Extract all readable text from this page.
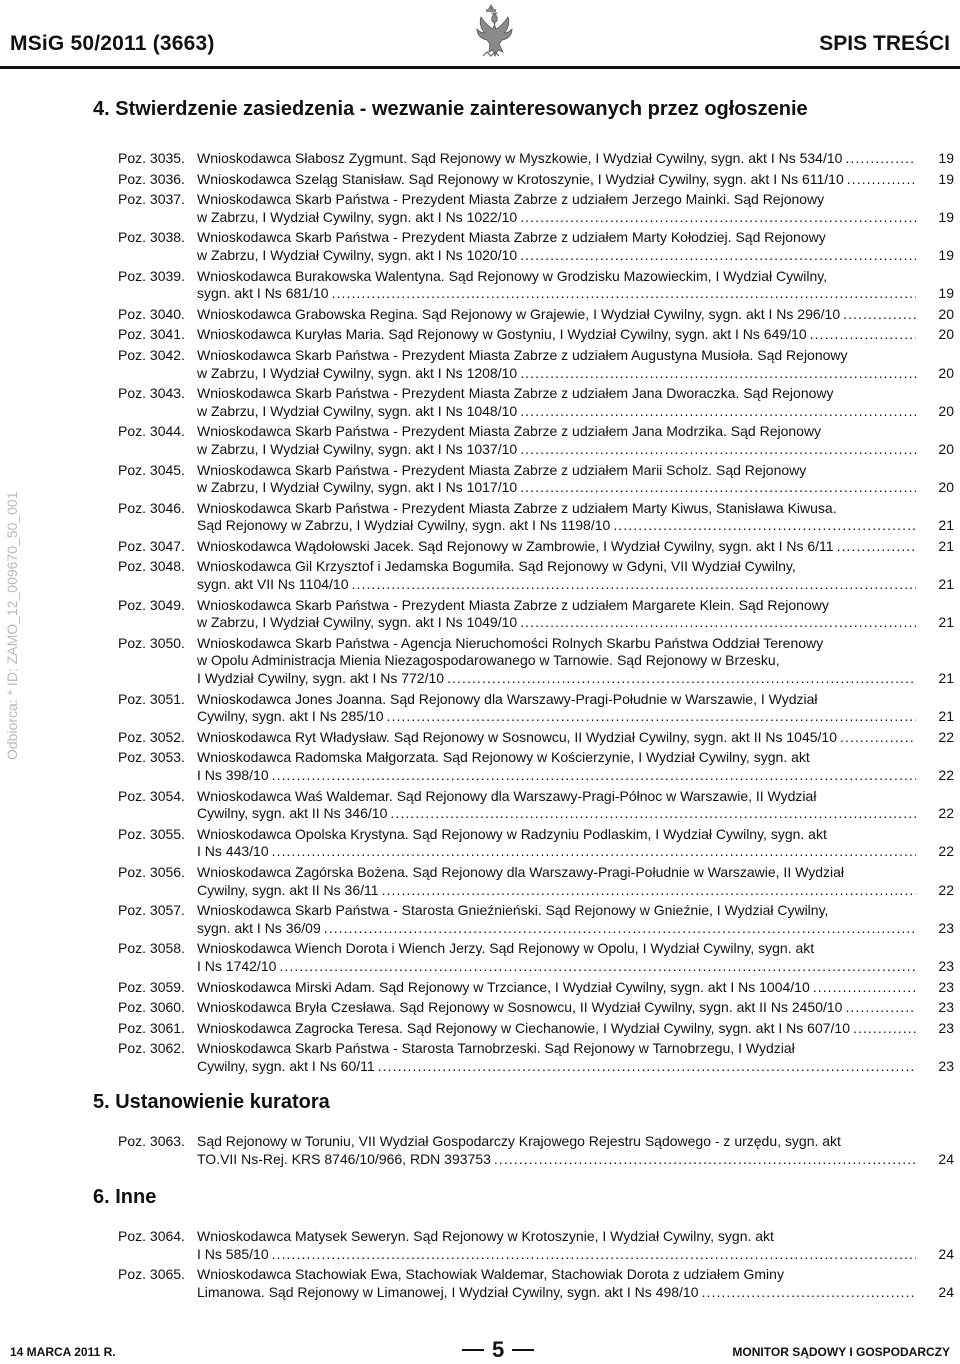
MSiG 50/2011 (3663)	SPIS TREŚCI
Odbiorca: * ID: ZAMO_12_009670_50_001
4. Stwierdzenie zasiedzenia - wezwanie zainteresowanych przez ogłoszenie
Poz. 3035. Wnioskodawca Słabosz Zygmunt. Sąd Rejonowy w Myszkowie, I Wydział Cywilny, sygn. akt I Ns 534/10 . . .	19
Poz. 3036. Wnioskodawca Szeląg Stanisław. Sąd Rejonowy w Krotoszynie, I Wydział Cywilny, sygn. akt I Ns 611/10 . . .	19
Poz. 3037. Wnioskodawca Skarb Państwa - Prezydent Miasta Zabrze z udziałem Jerzego Mainki. Sąd Rejonowy
w Zabrzu, I Wydział Cywilny, sygn. akt I Ns 1022/10 . . .	19
Poz. 3038. Wnioskodawca Skarb Państwa - Prezydent Miasta Zabrze z udziałem Marty Kołodziej. Sąd Rejonowy
w Zabrzu, I Wydział Cywilny, sygn. akt I Ns 1020/10 . . .	19
Poz. 3039. Wnioskodawca Burakowska Walentyna. Sąd Rejonowy w Grodzisku Mazowieckim, I Wydział Cywilny,
sygn. akt I Ns 681/10 . . .	19
Poz. 3040. Wnioskodawca Grabowska Regina. Sąd Rejonowy w Grajewie, I Wydział Cywilny, sygn. akt I Ns 296/10 . . .	20
Poz. 3041. Wnioskodawca Kuryłas Maria. Sąd Rejonowy w Gostyniu, I Wydział Cywilny, sygn. akt I Ns 649/10 . . .	20
Poz. 3042. Wnioskodawca Skarb Państwa - Prezydent Miasta Zabrze z udziałem Augustyna Musioła. Sąd Rejonowy
w Zabrzu, I Wydział Cywilny, sygn. akt I Ns 1208/10 . . .	20
Poz. 3043. Wnioskodawca Skarb Państwa - Prezydent Miasta Zabrze z udziałem Jana Dworaczka. Sąd Rejonowy
w Zabrzu, I Wydział Cywilny, sygn. akt I Ns 1048/10 . . .	20
Poz. 3044. Wnioskodawca Skarb Państwa - Prezydent Miasta Zabrze z udziałem Jana Modrzika. Sąd Rejonowy
w Zabrzu, I Wydział Cywilny, sygn. akt I Ns 1037/10 . . .	20
Poz. 3045. Wnioskodawca Skarb Państwa - Prezydent Miasta Zabrze z udziałem Marii Scholz. Sąd Rejonowy
w Zabrzu, I Wydział Cywilny, sygn. akt I Ns 1017/10 . . .	20
Poz. 3046. Wnioskodawca Skarb Państwa - Prezydent Miasta Zabrze z udziałem Marty Kiwus, Stanisława Kiwusa.
Sąd Rejonowy w Zabrzu, I Wydział Cywilny, sygn. akt I Ns 1198/10 . . .	21
Poz. 3047. Wnioskodawca Wądołowski Jacek. Sąd Rejonowy w Zambrowie, I Wydział Cywilny, sygn. akt I Ns 6/11 . . .	21
Poz. 3048. Wnioskodawca Gil Krzysztof i Jedamska Bogumiła. Sąd Rejonowy w Gdyni, VII Wydział Cywilny,
sygn. akt VII Ns 1104/10 . . .	21
Poz. 3049. Wnioskodawca Skarb Państwa - Prezydent Miasta Zabrze z udziałem Margarete Klein. Sąd Rejonowy
w Zabrzu, I Wydział Cywilny, sygn. akt I Ns 1049/10 . . .	21
Poz. 3050. Wnioskodawca Skarb Państwa - Agencja Nieruchomości Rolnych Skarbu Państwa Oddział Terenowy
w Opolu Administracja Mienia Niezagospodarowanego w Tarnowie. Sąd Rejonowy w Brzesku,
I Wydział Cywilny, sygn. akt I Ns 772/10 . . .	21
Poz. 3051. Wnioskodawca Jones Joanna. Sąd Rejonowy dla Warszawy-Pragi-Południe w Warszawie, I Wydział
Cywilny, sygn. akt I Ns 285/10 . . .	21
Poz. 3052. Wnioskodawca Ryt Władysław. Sąd Rejonowy w Sosnowcu, II Wydział Cywilny, sygn. akt II Ns 1045/10 . . .	22
Poz. 3053. Wnioskodawca Radomska Małgorzata. Sąd Rejonowy w Kościerzynie, I Wydział Cywilny, sygn. akt
I Ns 398/10 . . .	22
Poz. 3054. Wnioskodawca Waś Waldemar. Sąd Rejonowy dla Warszawy-Pragi-Północ w Warszawie, II Wydział
Cywilny, sygn. akt II Ns 346/10 . . .	22
Poz. 3055. Wnioskodawca Opolska Krystyna. Sąd Rejonowy w Radzyniu Podlaskim, I Wydział Cywilny, sygn. akt
I Ns 443/10 . . .	22
Poz. 3056. Wnioskodawca Zagórska Bożena. Sąd Rejonowy dla Warszawy-Pragi-Południe w Warszawie, II Wydział
Cywilny, sygn. akt II Ns 36/11 . . .	22
Poz. 3057. Wnioskodawca Skarb Państwa - Starosta Gnieźnieński. Sąd Rejonowy w Gnieźnie, I Wydział Cywilny,
sygn. akt I Ns 36/09 . . .	23
Poz. 3058. Wnioskodawca Wiench Dorota i Wiench Jerzy. Sąd Rejonowy w Opolu, I Wydział Cywilny, sygn. akt
I Ns 1742/10 . . .	23
Poz. 3059. Wnioskodawca Mirski Adam. Sąd Rejonowy w Trzciance, I Wydział Cywilny, sygn. akt I Ns 1004/10 . . .	23
Poz. 3060. Wnioskodawca Bryła Czesława. Sąd Rejonowy w Sosnowcu, II Wydział Cywilny, sygn. akt II Ns 2450/10 . . .	23
Poz. 3061. Wnioskodawca Zagrocka Teresa. Sąd Rejonowy w Ciechanowie, I Wydział Cywilny, sygn. akt I Ns 607/10 . . .	23
Poz. 3062. Wnioskodawca Skarb Państwa - Starosta Tarnobrzeski. Sąd Rejonowy w Tarnobrzegu, I Wydział
Cywilny, sygn. akt I Ns 60/11 . . .	23
5. Ustanowienie kuratora
Poz. 3063. Sąd Rejonowy w Toruniu, VII Wydział Gospodarczy Krajowego Rejestru Sądowego - z urzędu, sygn. akt
TO.VII Ns-Rej. KRS 8746/10/966, RDN 393753 . . .	24
6. Inne
Poz. 3064. Wnioskodawca Matysek Seweryn. Sąd Rejonowy w Krotoszynie, I Wydział Cywilny, sygn. akt
I Ns 585/10 . . .	24
Poz. 3065. Wnioskodawca Stachowiak Ewa, Stachowiak Waldemar, Stachowiak Dorota z udziałem Gminy
Limanowa. Sąd Rejonowy w Limanowej, I Wydział Cywilny, sygn. akt I Ns 498/10 . . .	24
14 MARCA 2011 R.	5	MONITOR SĄDOWY I GOSPODARCZY
